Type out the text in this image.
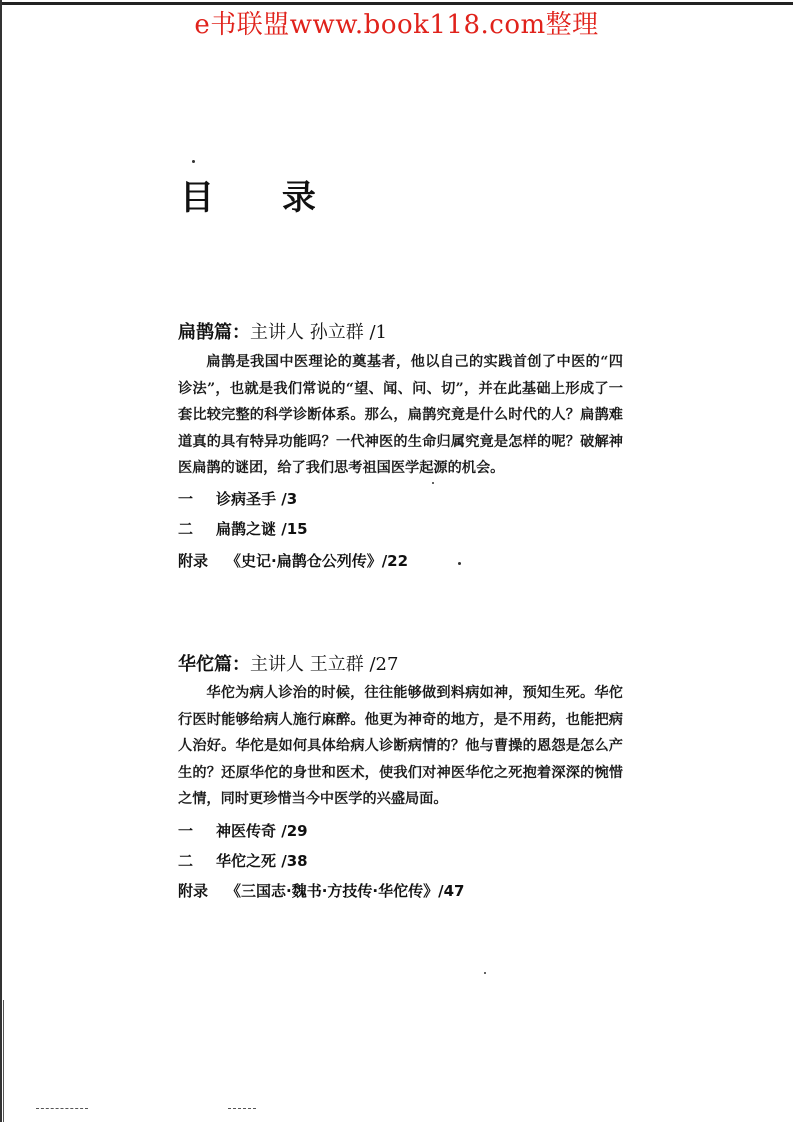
e书联盟www.book118.com整理
目 录
扁鹊篇：主讲人 孙立群 /1
扁鹊是我国中医理论的奠基者，他以自己的实践首创了中医的“四诊法”，也就是我们常说的“望、闻、问、切”，并在此基础上形成了一套比较完整的科学诊断体系。那么，扁鹊究竟是什么时代的人？扁鹊难道真的具有特异功能吗？一代神医的生命归属究竟是怎样的呢？破解神医扁鹊的谜团，给了我们思考祖国医学起源的机会。
一 诊病圣手 /3
二 扁鹊之谜 /15
附录 《史记·扁鹊仓公列传》/22
华佗篇：主讲人 王立群 /27
华佗为病人诊治的时候，往往能够做到料病如神，预知生死。华佗行医时能够给病人施行麻醉。他更为神奇的地方，是不用药，也能把病人治好。华佗是如何具体给病人诊断病情的？他与曹操的恩怨是怎么产生的？还原华佗的身世和医术，使我们对神医华佗之死抱着深深的惋惜之情，同时更珍惜当今中医学的兴盛局面。
一 神医传奇 /29
二 华佗之死 /38
附录 《三国志·魏书·方技传·华佗传》/47
